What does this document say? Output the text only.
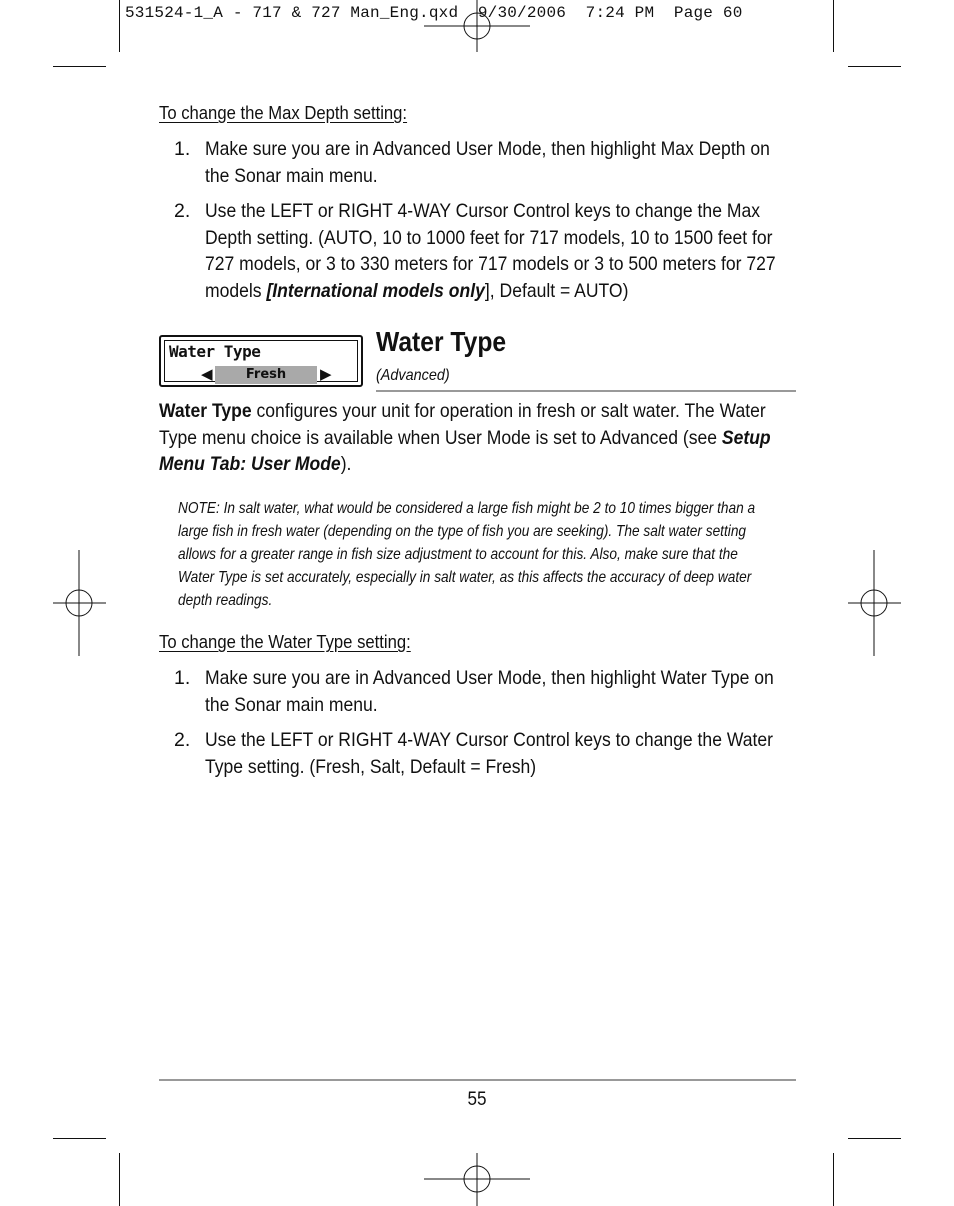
531524-1_A - 717 & 727 Man_Eng.qxd  9/30/2006  7:24 PM  Page 60
To change the Max Depth setting:
1. Make sure you are in Advanced User Mode, then highlight Max Depth on the Sonar main menu.
2. Use the LEFT or RIGHT 4-WAY Cursor Control keys to change the Max Depth setting. (AUTO, 10 to 1000 feet for 717 models, 10 to 1500 feet for 727 models, or 3 to 330 meters for 717 models or 3 to 500 meters for 727 models [International models only], Default = AUTO)
Water Type
◀	Fresh	▶
Water Type
(Advanced)
Water Type configures your unit for operation in fresh or salt water. The Water Type menu choice is available when User Mode is set to Advanced (see Setup Menu Tab: User Mode).
NOTE: In salt water, what would be considered a large fish might be 2 to 10 times bigger than a large fish in fresh water (depending on the type of fish you are seeking). The salt water setting allows for a greater range in fish size adjustment to account for this. Also, make sure that the Water Type is set accurately, especially in salt water, as this affects the accuracy of deep water depth readings.
To change the Water Type setting:
1. Make sure you are in Advanced User Mode, then highlight Water Type on the Sonar main menu.
2. Use the LEFT or RIGHT 4-WAY Cursor Control keys to change the Water Type setting. (Fresh, Salt, Default = Fresh)
55
